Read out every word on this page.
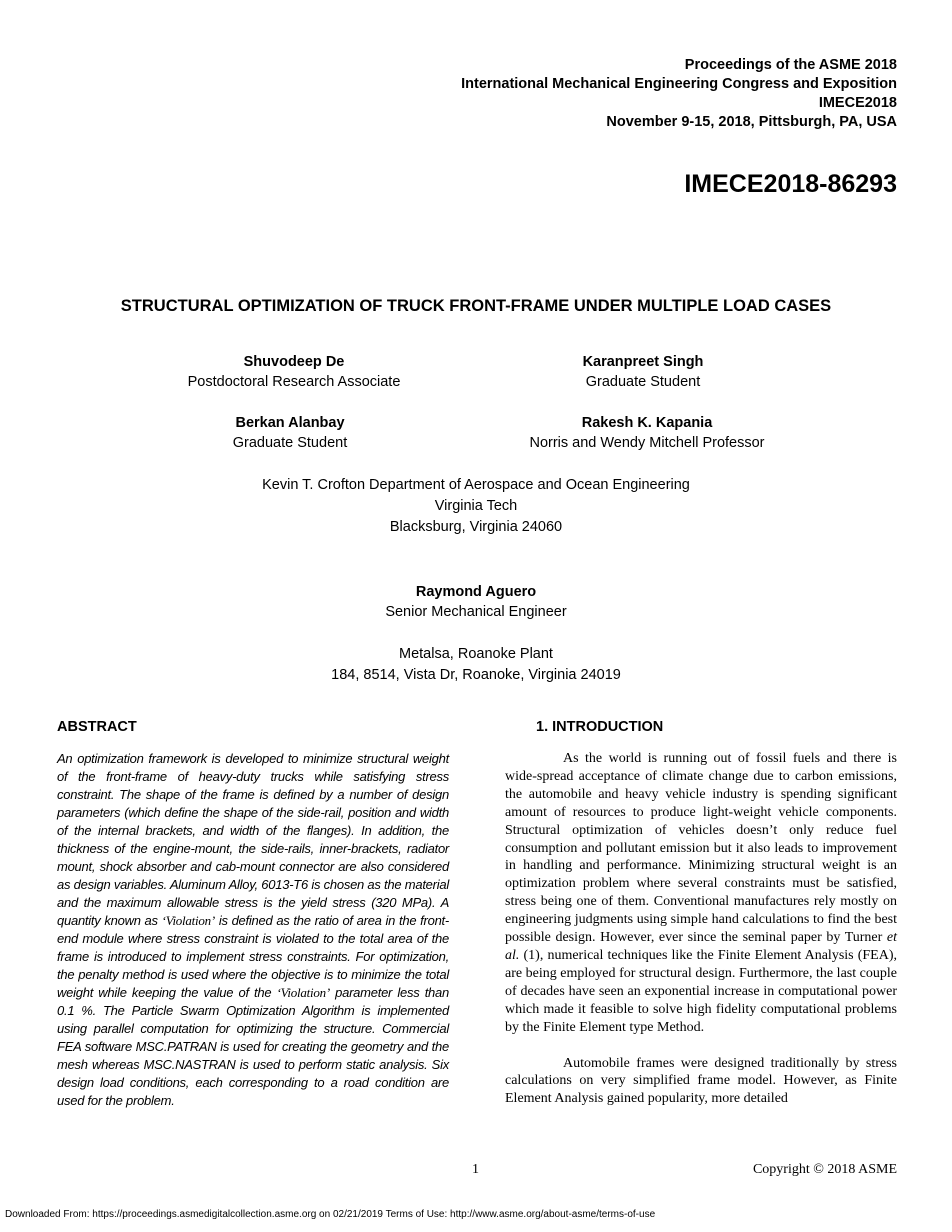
Proceedings of the ASME 2018
International Mechanical Engineering Congress and Exposition
IMECE2018
November 9-15, 2018, Pittsburgh, PA, USA
IMECE2018-86293
STRUCTURAL OPTIMIZATION OF TRUCK FRONT-FRAME UNDER MULTIPLE LOAD CASES
Shuvodeep De
Postdoctoral Research Associate
Karanpreet Singh
Graduate Student
Berkan Alanbay
Graduate Student
Rakesh K. Kapania
Norris and Wendy Mitchell Professor
Kevin T. Crofton Department of Aerospace and Ocean Engineering
Virginia Tech
Blacksburg, Virginia 24060
Raymond Aguero
Senior Mechanical Engineer
Metalsa, Roanoke Plant
184, 8514, Vista Dr, Roanoke, Virginia 24019
ABSTRACT
An optimization framework is developed to minimize structural weight of the front-frame of heavy-duty trucks while satisfying stress constraint. The shape of the frame is defined by a number of design parameters (which define the shape of the side-rail, position and width of the internal brackets, and width of the flanges). In addition, the thickness of the engine-mount, the side-rails, inner-brackets, radiator mount, shock absorber and cab-mount connector are also considered as design variables. Aluminum Alloy, 6013-T6 is chosen as the material and the maximum allowable stress is the yield stress (320 MPa). A quantity known as ‘Violation’ is defined as the ratio of area in the front-end module where stress constraint is violated to the total area of the frame is introduced to implement stress constraints. For optimization, the penalty method is used where the objective is to minimize the total weight while keeping the value of the ‘Violation’ parameter less than 0.1 %. The Particle Swarm Optimization Algorithm is implemented using parallel computation for optimizing the structure. Commercial FEA software MSC.PATRAN is used for creating the geometry and the mesh whereas MSC.NASTRAN is used to perform static analysis. Six design load conditions, each corresponding to a road condition are used for the problem.
1. INTRODUCTION

As the world is running out of fossil fuels and there is wide-spread acceptance of climate change due to carbon emissions, the automobile and heavy vehicle industry is spending significant amount of resources to produce light-weight vehicle components. Structural optimization of vehicles doesn’t only reduce fuel consumption and pollutant emission but it also leads to improvement in handling and performance. Minimizing structural weight is an optimization problem where several constraints must be satisfied, stress being one of them. Conventional manufactures rely mostly on engineering judgments using simple hand calculations to find the best possible design. However, ever since the seminal paper by Turner et al. (1), numerical techniques like the Finite Element Analysis (FEA), are being employed for structural design. Furthermore, the last couple of decades have seen an exponential increase in computational power which made it feasible to solve high fidelity computational problems by the Finite Element type Method.

Automobile frames were designed traditionally by stress calculations on very simplified frame model. However, as Finite Element Analysis gained popularity, more detailed

1	Copyright © 2018 ASME
Downloaded From: https://proceedings.asmedigitalcollection.asme.org on 02/21/2019 Terms of Use: http://www.asme.org/about-asme/terms-of-use
